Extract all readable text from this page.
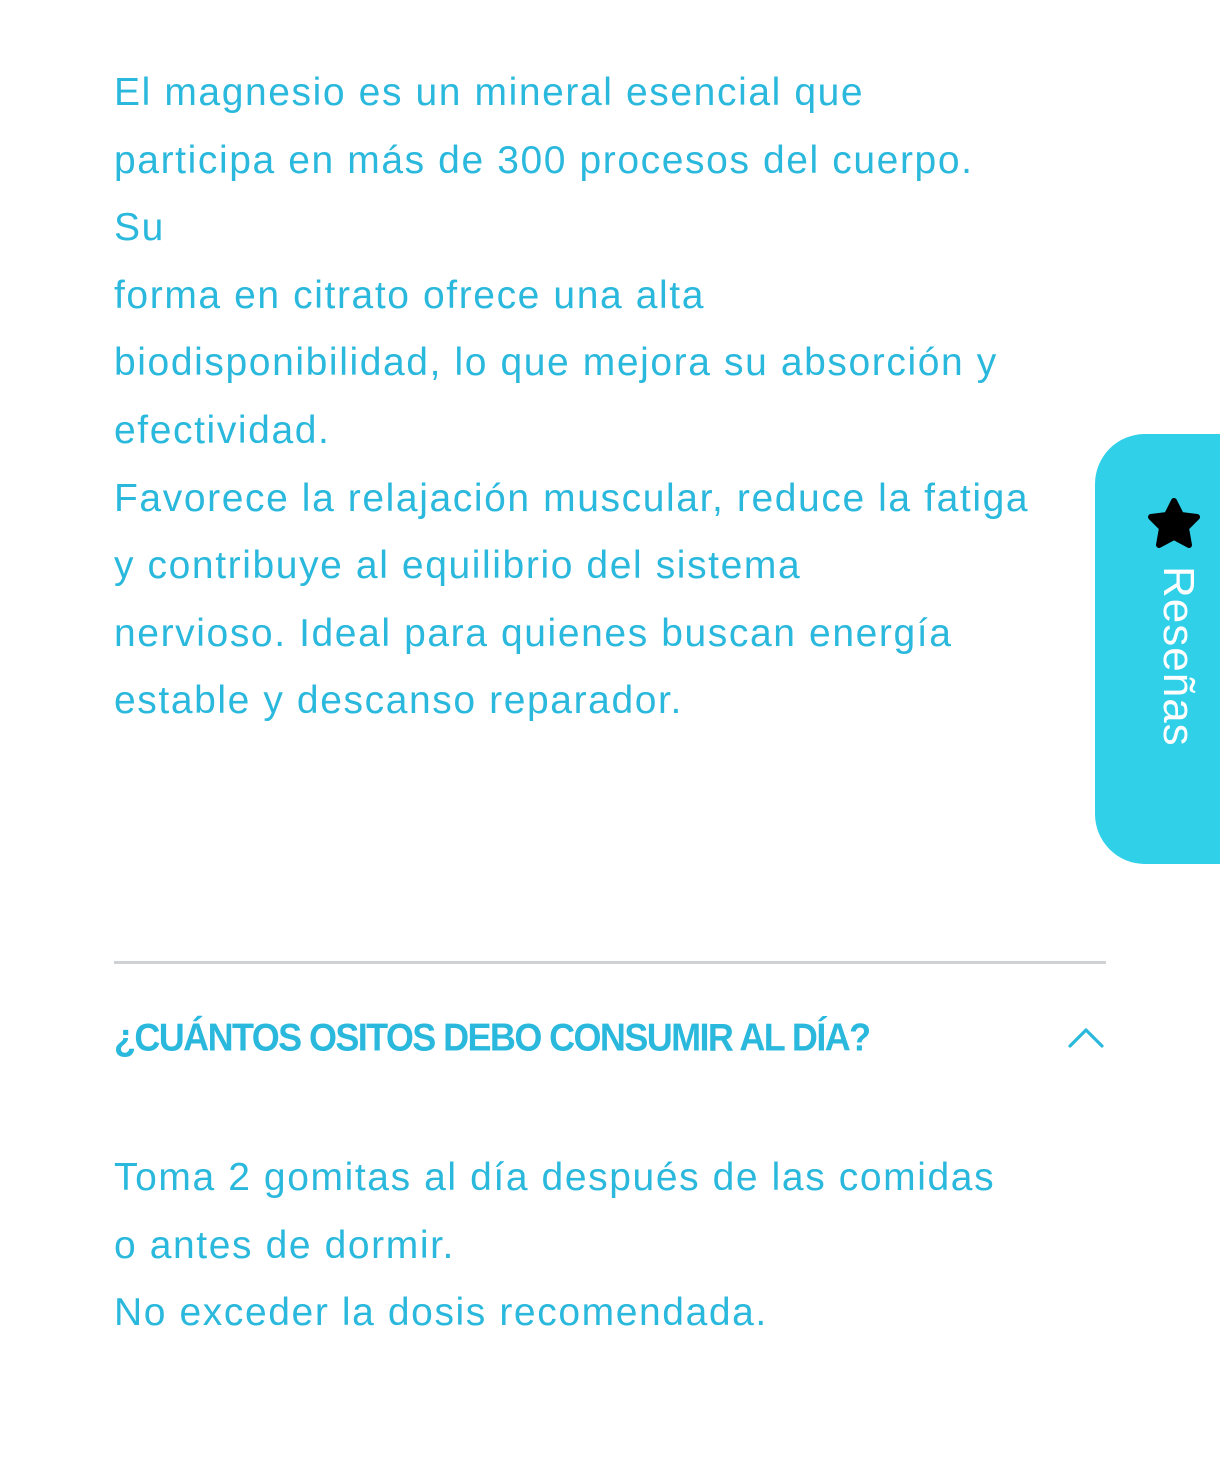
El magnesio es un mineral esencial que
participa en más de 300 procesos del cuerpo.
Su
forma en citrato ofrece una alta
biodisponibilidad, lo que mejora su absorción y
efectividad.
Favorece la relajación muscular, reduce la fatiga
y contribuye al equilibrio del sistema
nervioso. Ideal para quienes buscan energía
estable y descanso reparador.
¿CUÁNTOS OSITOS DEBO CONSUMIR AL DÍA?
Toma 2 gomitas al día después de las comidas
o antes de dormir.
No exceder la dosis recomendada.
Reseñas
